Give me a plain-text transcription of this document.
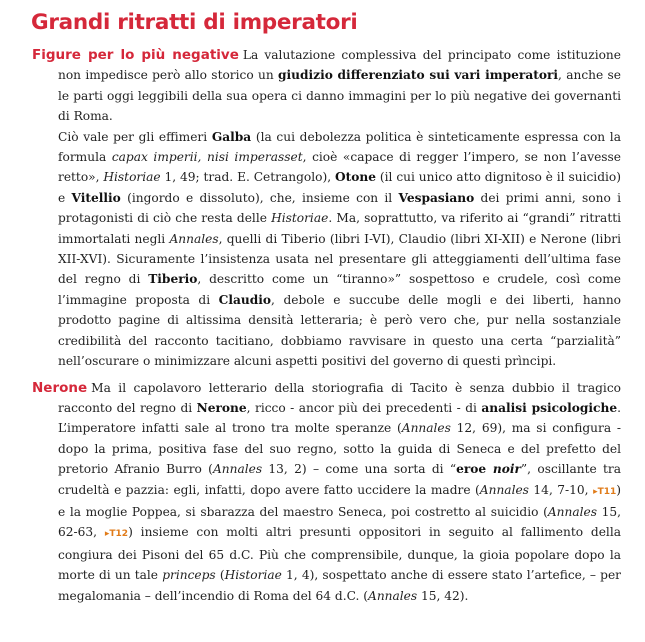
Grandi ritratti di imperatori

Figure per lo più negative La valutazione complessiva del principato come istituzione non impedisce però allo storico un giudizio differenziato sui vari imperatori, anche se le parti oggi leggibili della sua opera ci danno immagini per lo più negative dei governanti di Roma.

Ciò vale per gli effimeri Galba (la cui debolezza politica è sinteticamente espressa con la formula capax imperii, nisi imperasset, cioè «capace di regger l’impero, se non l’avesse retto», Historiae 1, 49; trad. E. Cetrangolo), Otone (il cui unico atto dignitoso è il suicidio) e Vitellio (ingordo e dissoluto), che, insieme con il Vespasiano dei primi anni, sono i protagonisti di ciò che resta delle Historiae. Ma, soprattutto, va riferito ai “grandi” ritratti immortalati negli Annales, quelli di Tiberio (libri I-VI), Claudio (libri XI-XII) e Nerone (libri XII-XVI). Sicuramente l’insistenza usata nel presentare gli atteggiamenti dell’ultima fase del regno di Tiberio, descritto come un “tiranno»” sospettoso e crudele, così come l’immagine proposta di Claudio, debole e succube delle mogli e dei liberti, hanno prodotto pagine di altissima densità letteraria; è però vero che, pur nella sostanziale credibilità del racconto tacitiano, dobbiamo ravvisare in questo una certa “parzialità” nell’oscurare o minimizzare alcuni aspetti positivi del governo di questi prìncipi.

Nerone Ma il capolavoro letterario della storiografia di Tacito è senza dubbio il tragico racconto del regno di Nerone, ricco - ancor più dei precedenti - di analisi psicologiche. L’imperatore infatti sale al trono tra molte speranze (Annales 12, 69), ma si configura - dopo la prima, positiva fase del suo regno, sotto la guida di Seneca e del prefetto del pretorio Afranio Burro (Annales 13, 2) – come una sorta di “eroe noir”, oscillante tra crudeltà e pazzia: egli, infatti, dopo avere fatto uccidere la madre (Annales 14, 7-10, ▸T11) e la moglie Poppea, si sbarazza del maestro Seneca, poi costretto al suicidio (Annales 15, 62-63, ▸T12) insieme con molti altri presunti oppositori in seguito al fallimento della congiura dei Pisoni del 65 d.C. Più che comprensibile, dunque, la gioia popolare dopo la morte di un tale princeps (Historiae 1, 4), sospettato anche di essere stato l’artefice, – per megalomania – dell’incendio di Roma del 64 d.C. (Annales 15, 42).
